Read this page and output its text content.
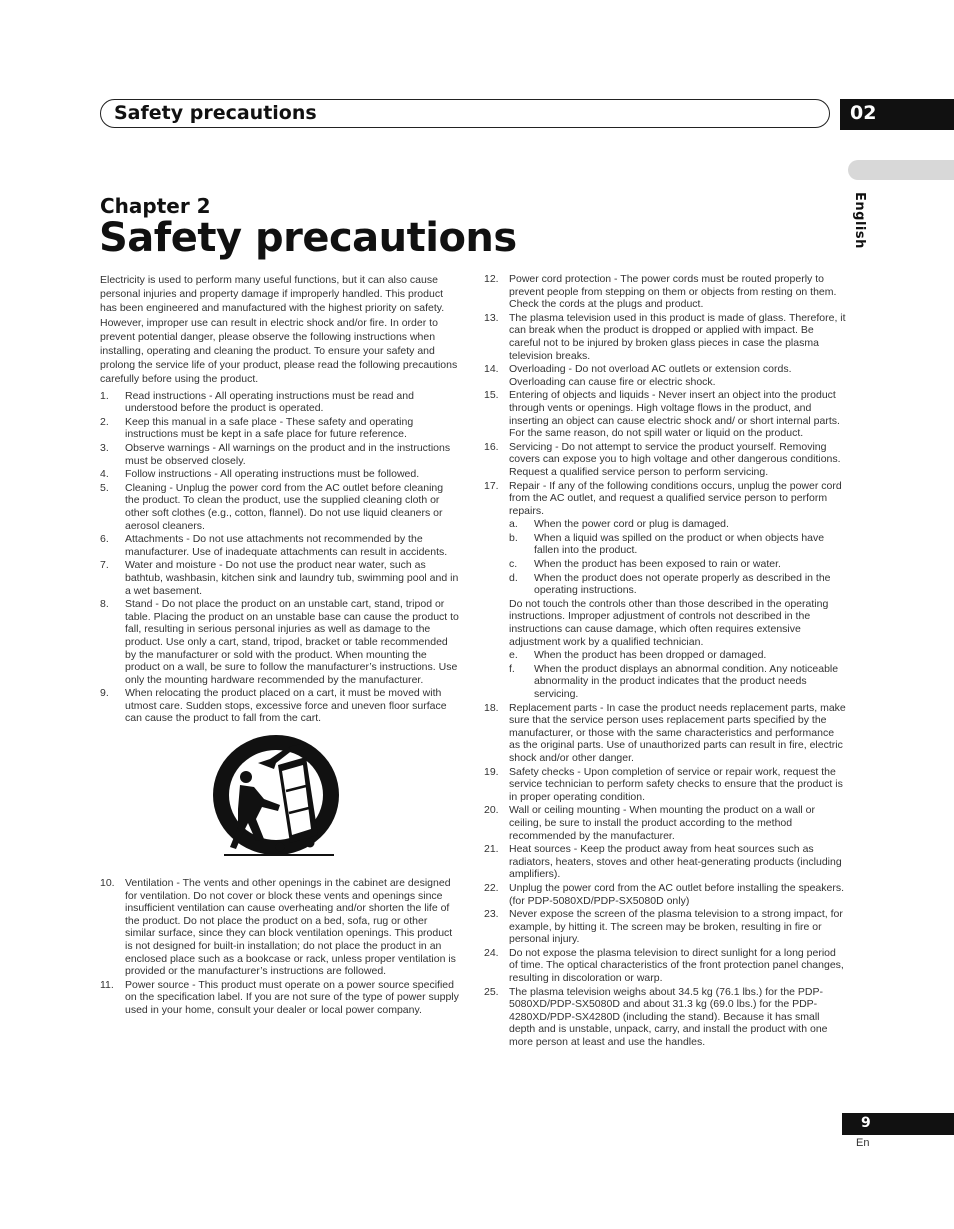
Safety precautions	02
English
Chapter 2
Safety precautions

Electricity is used to perform many useful functions, but it can also cause personal injuries and property damage if improperly handled. This product has been engineered and manufactured with the highest priority on safety. However, improper use can result in electric shock and/or fire. In order to prevent potential danger, please observe the following instructions when installing, operating and cleaning the product. To ensure your safety and prolong the service life of your product, please read the following precautions carefully before using the product.

1. Read instructions - All operating instructions must be read and understood before the product is operated.
2. Keep this manual in a safe place - These safety and operating instructions must be kept in a safe place for future reference.
3. Observe warnings - All warnings on the product and in the instructions must be observed closely.
4. Follow instructions - All operating instructions must be followed.
5. Cleaning - Unplug the power cord from the AC outlet before cleaning the product. To clean the product, use the supplied cleaning cloth or other soft clothes (e.g., cotton, flannel). Do not use liquid cleaners or aerosol cleaners.
6. Attachments - Do not use attachments not recommended by the manufacturer. Use of inadequate attachments can result in accidents.
7. Water and moisture - Do not use the product near water, such as bathtub, washbasin, kitchen sink and laundry tub, swimming pool and in a wet basement.
8. Stand - Do not place the product on an unstable cart, stand, tripod or table. Placing the product on an unstable base can cause the product to fall, resulting in serious personal injuries as well as damage to the product. Use only a cart, stand, tripod, bracket or table recommended by the manufacturer or sold with the product. When mounting the product on a wall, be sure to follow the manufacturer’s instructions. Use only the mounting hardware recommended by the manufacturer.
9. When relocating the product placed on a cart, it must be moved with utmost care. Sudden stops, excessive force and uneven floor surface can cause the product to fall from the cart.
10. Ventilation - The vents and other openings in the cabinet are designed for ventilation. Do not cover or block these vents and openings since insufficient ventilation can cause overheating and/or shorten the life of the product. Do not place the product on a bed, sofa, rug or other similar surface, since they can block ventilation openings. This product is not designed for built-in installation; do not place the product in an enclosed place such as a bookcase or rack, unless proper ventilation is provided or the manufacturer’s instructions are followed.
11. Power source - This product must operate on a power source specified on the specification label. If you are not sure of the type of power supply used in your home, consult your dealer or local power company.
12. Power cord protection - The power cords must be routed properly to prevent people from stepping on them or objects from resting on them. Check the cords at the plugs and product.
13. The plasma television used in this product is made of glass. Therefore, it can break when the product is dropped or applied with impact. Be careful not to be injured by broken glass pieces in case the plasma television breaks.
14. Overloading - Do not overload AC outlets or extension cords. Overloading can cause fire or electric shock.
15. Entering of objects and liquids - Never insert an object into the product through vents or openings. High voltage flows in the product, and inserting an object can cause electric shock and/ or short internal parts. For the same reason, do not spill water or liquid on the product.
16. Servicing - Do not attempt to service the product yourself. Removing covers can expose you to high voltage and other dangerous conditions. Request a qualified service person to perform servicing.
17. Repair - If any of the following conditions occurs, unplug the power cord from the AC outlet, and request a qualified service person to perform repairs.
a. When the power cord or plug is damaged.
b. When a liquid was spilled on the product or when objects have fallen into the product.
c. When the product has been exposed to rain or water.
d. When the product does not operate properly as described in the operating instructions.

Do not touch the controls other than those described in the operating instructions. Improper adjustment of controls not described in the instructions can cause damage, which often requires extensive adjustment work by a qualified technician.

e. When the product has been dropped or damaged.
f. When the product displays an abnormal condition. Any noticeable abnormality in the product indicates that the product needs servicing.
18. Replacement parts - In case the product needs replacement parts, make sure that the service person uses replacement parts specified by the manufacturer, or those with the same characteristics and performance as the original parts. Use of unauthorized parts can result in fire, electric shock and/or other danger.
19. Safety checks - Upon completion of service or repair work, request the service technician to perform safety checks to ensure that the product is in proper operating condition.
20. Wall or ceiling mounting - When mounting the product on a wall or ceiling, be sure to install the product according to the method recommended by the manufacturer.
21. Heat sources - Keep the product away from heat sources such as radiators, heaters, stoves and other heat-generating products (including amplifiers).
22. Unplug the power cord from the AC outlet before installing the speakers. (for PDP-5080XD/PDP-SX5080D only)
23. Never expose the screen of the plasma television to a strong impact, for example, by hitting it. The screen may be broken, resulting in fire or personal injury.
24. Do not expose the plasma television to direct sunlight for a long period of time. The optical characteristics of the front protection panel changes, resulting in discoloration or warp.
25. The plasma television weighs about 34.5 kg (76.1 lbs.) for the PDP-5080XD/PDP-SX5080D and about 31.3 kg (69.0 lbs.) for the PDP-4280XD/PDP-SX4280D (including the stand). Because it has small depth and is unstable, unpack, carry, and install the product with one more person at least and use the handles.
9
En
